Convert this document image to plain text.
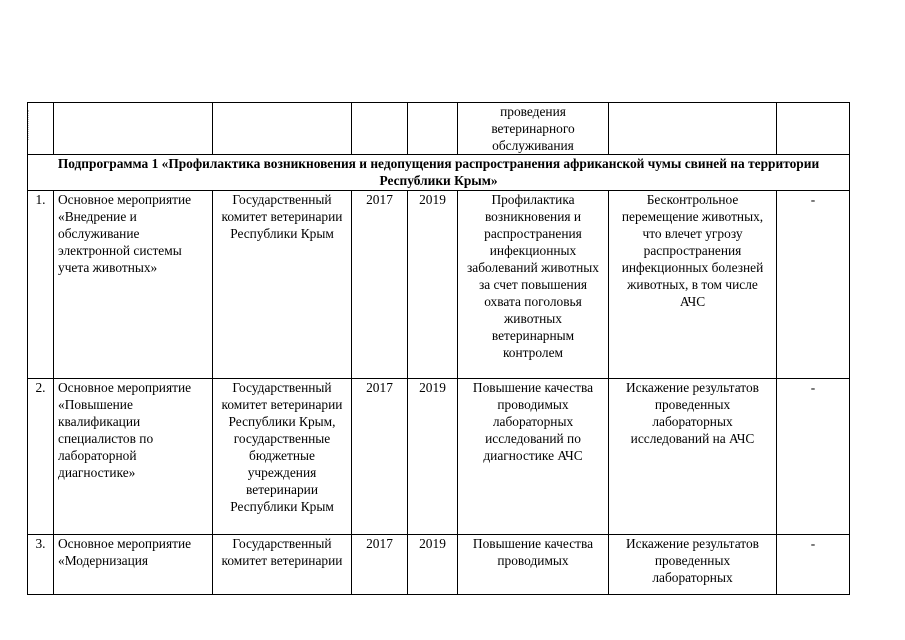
					проведения ветеринарного обслуживания		
Подпрограмма 1 «Профилактика возникновения и недопущения распространения африканской чумы свиней на территории Республики Крым»							
1.	Основное мероприятие «Внедрение и обслуживание электронной системы учета животных»	Государственный комитет ветеринарии Республики Крым	2017	2019	Профилактика возникновения и распространения инфекционных заболеваний животных за счет повышения охвата поголовья животных ветеринарным контролем	Бесконтрольное перемещение животных, что влечет угрозу распространения инфекционных болезней животных, в том числе АЧС	-
2.	Основное мероприятие «Повышение квалификации специалистов по лабораторной диагностике»	Государственный комитет ветеринарии Республики Крым, государственные бюджетные учреждения ветеринарии Республики Крым	2017	2019	Повышение качества проводимых лабораторных исследований по диагностике АЧС	Искажение результатов проведенных лабораторных исследований на АЧС	-
3.	Основное мероприятие «Модернизация	Государственный комитет ветеринарии	2017	2019	Повышение качества проводимых	Искажение результатов проведенных лабораторных	-
